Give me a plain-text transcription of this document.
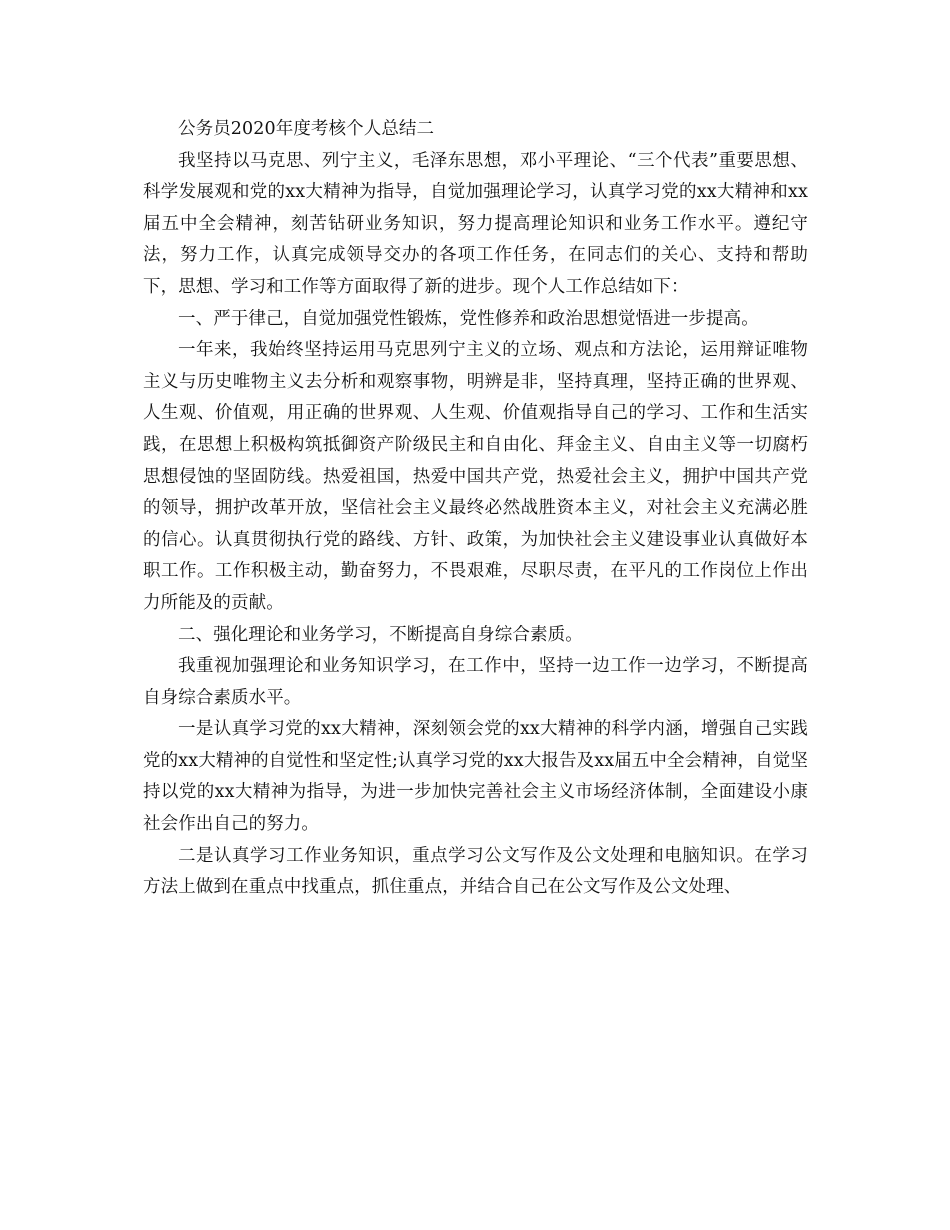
公务员2020年度考核个人总结二

我坚持以马克思、列宁主义，毛泽东思想，邓小平理论、“三个代表”重要思想、科学发展观和党的xx大精神为指导，自觉加强理论学习，认真学习党的xx大精神和xx届五中全会精神，刻苦钻研业务知识，努力提高理论知识和业务工作水平。遵纪守法，努力工作，认真完成领导交办的各项工作任务，在同志们的关心、支持和帮助下，思想、学习和工作等方面取得了新的进步。现个人工作总结如下：

一、严于律己，自觉加强党性锻炼，党性修养和政治思想觉悟进一步提高。

一年来，我始终坚持运用马克思列宁主义的立场、观点和方法论，运用辩证唯物主义与历史唯物主义去分析和观察事物，明辨是非，坚持真理，坚持正确的世界观、人生观、价值观，用正确的世界观、人生观、价值观指导自己的学习、工作和生活实践，在思想上积极构筑抵御资产阶级民主和自由化、拜金主义、自由主义等一切腐朽思想侵蚀的坚固防线。热爱祖国，热爱中国共产党，热爱社会主义，拥护中国共产党的领导，拥护改革开放，坚信社会主义最终必然战胜资本主义，对社会主义充满必胜的信心。认真贯彻执行党的路线、方针、政策，为加快社会主义建设事业认真做好本职工作。工作积极主动，勤奋努力，不畏艰难，尽职尽责，在平凡的工作岗位上作出力所能及的贡献。

二、强化理论和业务学习，不断提高自身综合素质。

我重视加强理论和业务知识学习，在工作中，坚持一边工作一边学习，不断提高自身综合素质水平。

一是认真学习党的xx大精神，深刻领会党的xx大精神的科学内涵，增强自己实践党的xx大精神的自觉性和坚定性;认真学习党的xx大报告及xx届五中全会精神，自觉坚持以党的xx大精神为指导，为进一步加快完善社会主义市场经济体制，全面建设小康社会作出自己的努力。

二是认真学习工作业务知识，重点学习公文写作及公文处理和电脑知识。在学习方法上做到在重点中找重点，抓住重点，并结合自己在公文写作及公文处理、
